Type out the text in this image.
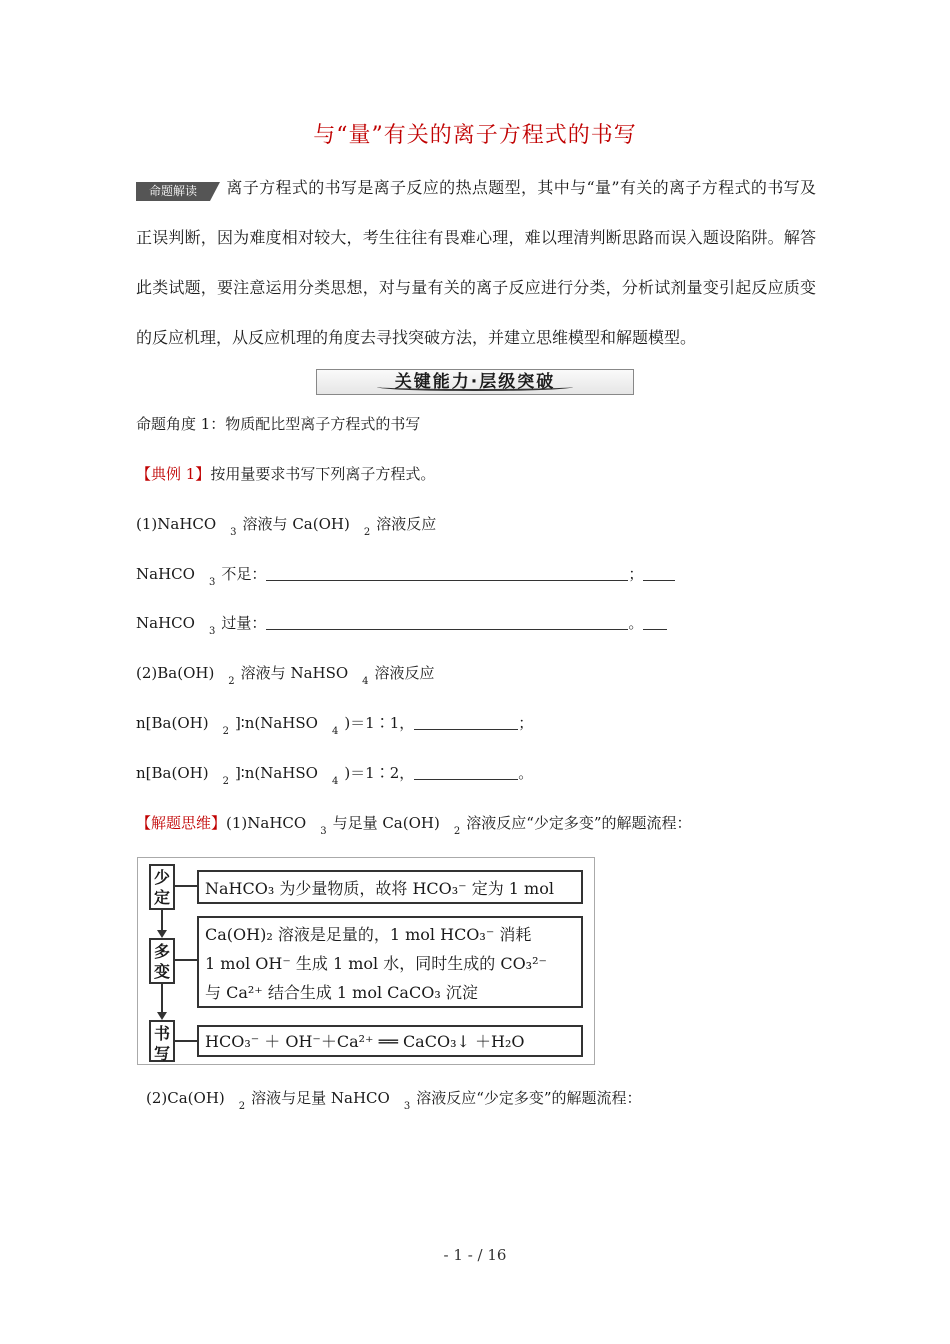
与“量”有关的离子方程式的书写
命题解读 离子方程式的书写是离子反应的热点题型，其中与“量”有关的离子方程式的书写及正误判断，因为难度相对较大，考生往往有畏难心理，难以理清判断思路而误入题设陷阱。解答此类试题，要注意运用分类思想，对与量有关的离子反应进行分类，分析试剂量变引起反应质变的反应机理，从反应机理的角度去寻找突破方法，并建立思维模型和解题模型。
关键能力·层级突破
命题角度 1：物质配比型离子方程式的书写
【典例 1】按用量要求书写下列离子方程式。
(1)NaHCO $_3$ 溶液与 Ca(OH) $_2$ 溶液反应
NaHCO $_3$ 不足：	；
NaHCO $_3$ 过量：	。
(2)Ba(OH) $_2$ 溶液与 NaHSO $_4$ 溶液反应
n[Ba(OH) $_2$ ]∶n(NaHSO $_4$ )＝1∶1，	；
n[Ba(OH) $_2$ ]∶n(NaHSO $_4$ )＝1∶2，	。
【解题思维】(1)NaHCO $_3$ 与足量 Ca(OH) $_2$ 溶液反应“少定多变”的解题流程：
少定	NaHCO₃ 为少量物质，故将 HCO₃⁻ 定为 1 mol
多变
Ca(OH)₂ 溶液是足量的，1 mol HCO₃⁻ 消耗
1 mol OH⁻ 生成 1 mol 水，同时生成的 CO₃²⁻
与 Ca²⁺ 结合生成 1 mol CaCO₃ 沉淀
书写
HCO₃⁻ ＋ OH⁻＋Ca²⁺ ══ CaCO₃↓ ＋H₂O
(2)Ca(OH) $_2$ 溶液与足量 NaHCO $_3$ 溶液反应“少定多变”的解题流程：
- 1 - / 16
